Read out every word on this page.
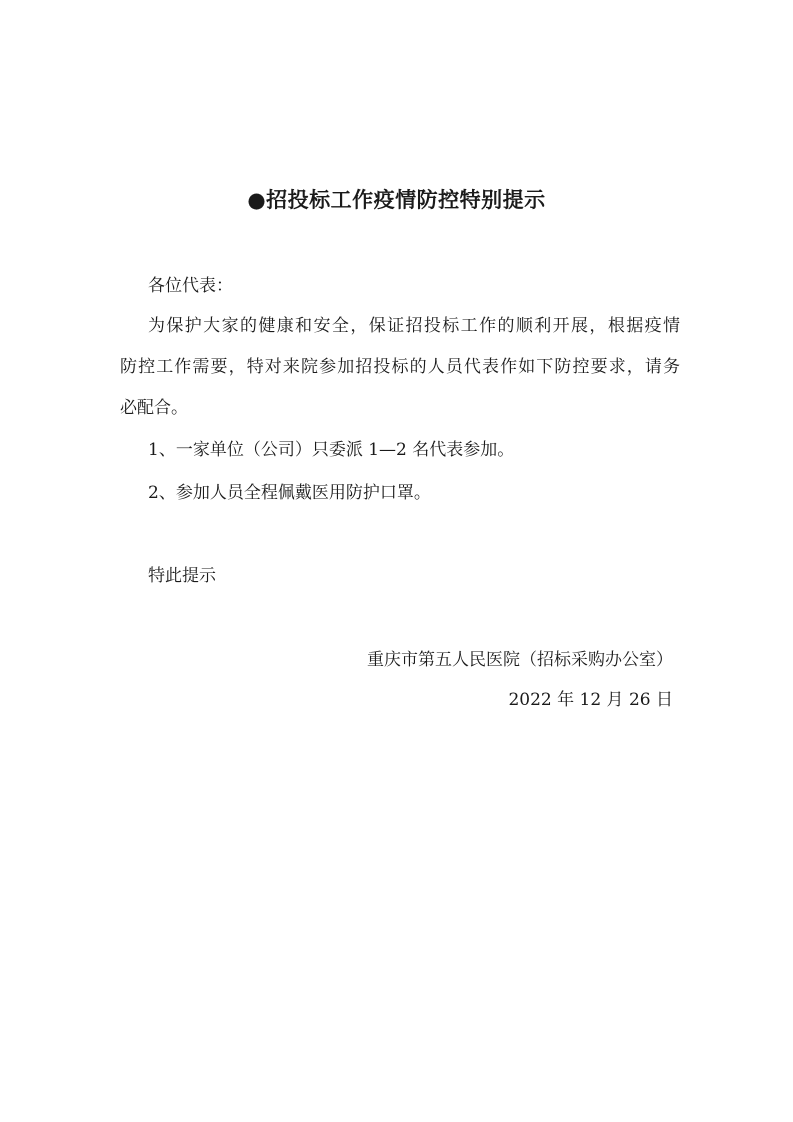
●招投标工作疫情防控特别提示
各位代表：
为保护大家的健康和安全，保证招投标工作的顺利开展，根据疫情
防控工作需要，特对来院参加招投标的人员代表作如下防控要求，请务
必配合。
1、一家单位（公司）只委派 1—2 名代表参加。
2、参加人员全程佩戴医用防护口罩。
特此提示
重庆市第五人民医院（招标采购办公室）
2022 年 12 月 26 日
